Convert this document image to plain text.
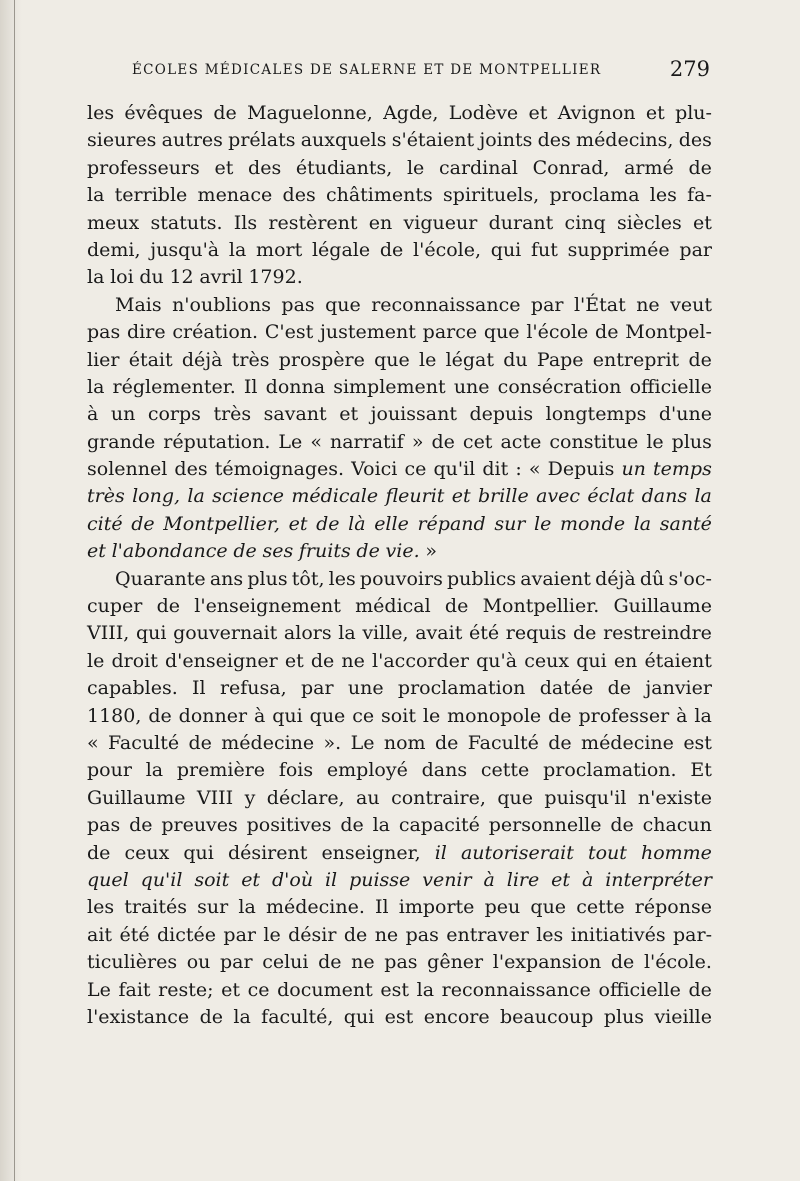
ÉCOLES MÉDICALES DE SALERNE ET DE MONTPELLIER	279
les évêques de Maguelonne, Agde, Lodève et Avignon et plu-
sieures autres prélats auxquels s'étaient joints des médecins, des
professeurs et des étudiants, le cardinal Conrad, armé de
la terrible menace des châtiments spirituels, proclama les fa-
meux statuts. Ils restèrent en vigueur durant cinq siècles et
demi, jusqu'à la mort légale de l'école, qui fut supprimée par
la loi du 12 avril 1792.
Mais n'oublions pas que reconnaissance par l'État ne veut
pas dire création. C'est justement parce que l'école de Montpel-
lier était déjà très prospère que le légat du Pape entreprit de
la réglementer. Il donna simplement une consécration officielle
à un corps très savant et jouissant depuis longtemps d'une
grande réputation. Le « narratif » de cet acte constitue le plus
solennel des témoignages. Voici ce qu'il dit : « Depuis un temps
très long, la science médicale fleurit et brille avec éclat dans la
cité de Montpellier, et de là elle répand sur le monde la santé
et l'abondance de ses fruits de vie. »
Quarante ans plus tôt, les pouvoirs publics avaient déjà dû s'oc-
cuper de l'enseignement médical de Montpellier. Guillaume
VIII, qui gouvernait alors la ville, avait été requis de restreindre
le droit d'enseigner et de ne l'accorder qu'à ceux qui en étaient
capables. Il refusa, par une proclamation datée de janvier
1180, de donner à qui que ce soit le monopole de professer à la
« Faculté de médecine ». Le nom de Faculté de médecine est
pour la première fois employé dans cette proclamation. Et
Guillaume VIII y déclare, au contraire, que puisqu'il n'existe
pas de preuves positives de la capacité personnelle de chacun
de ceux qui désirent enseigner, il autoriserait tout homme
quel qu'il soit et d'où il puisse venir à lire et à interpréter
les traités sur la médecine. Il importe peu que cette réponse
ait été dictée par le désir de ne pas entraver les initiativés par-
ticulières ou par celui de ne pas gêner l'expansion de l'école.
Le fait reste; et ce document est la reconnaissance officielle de
l'existance de la faculté, qui est encore beaucoup plus vieille
